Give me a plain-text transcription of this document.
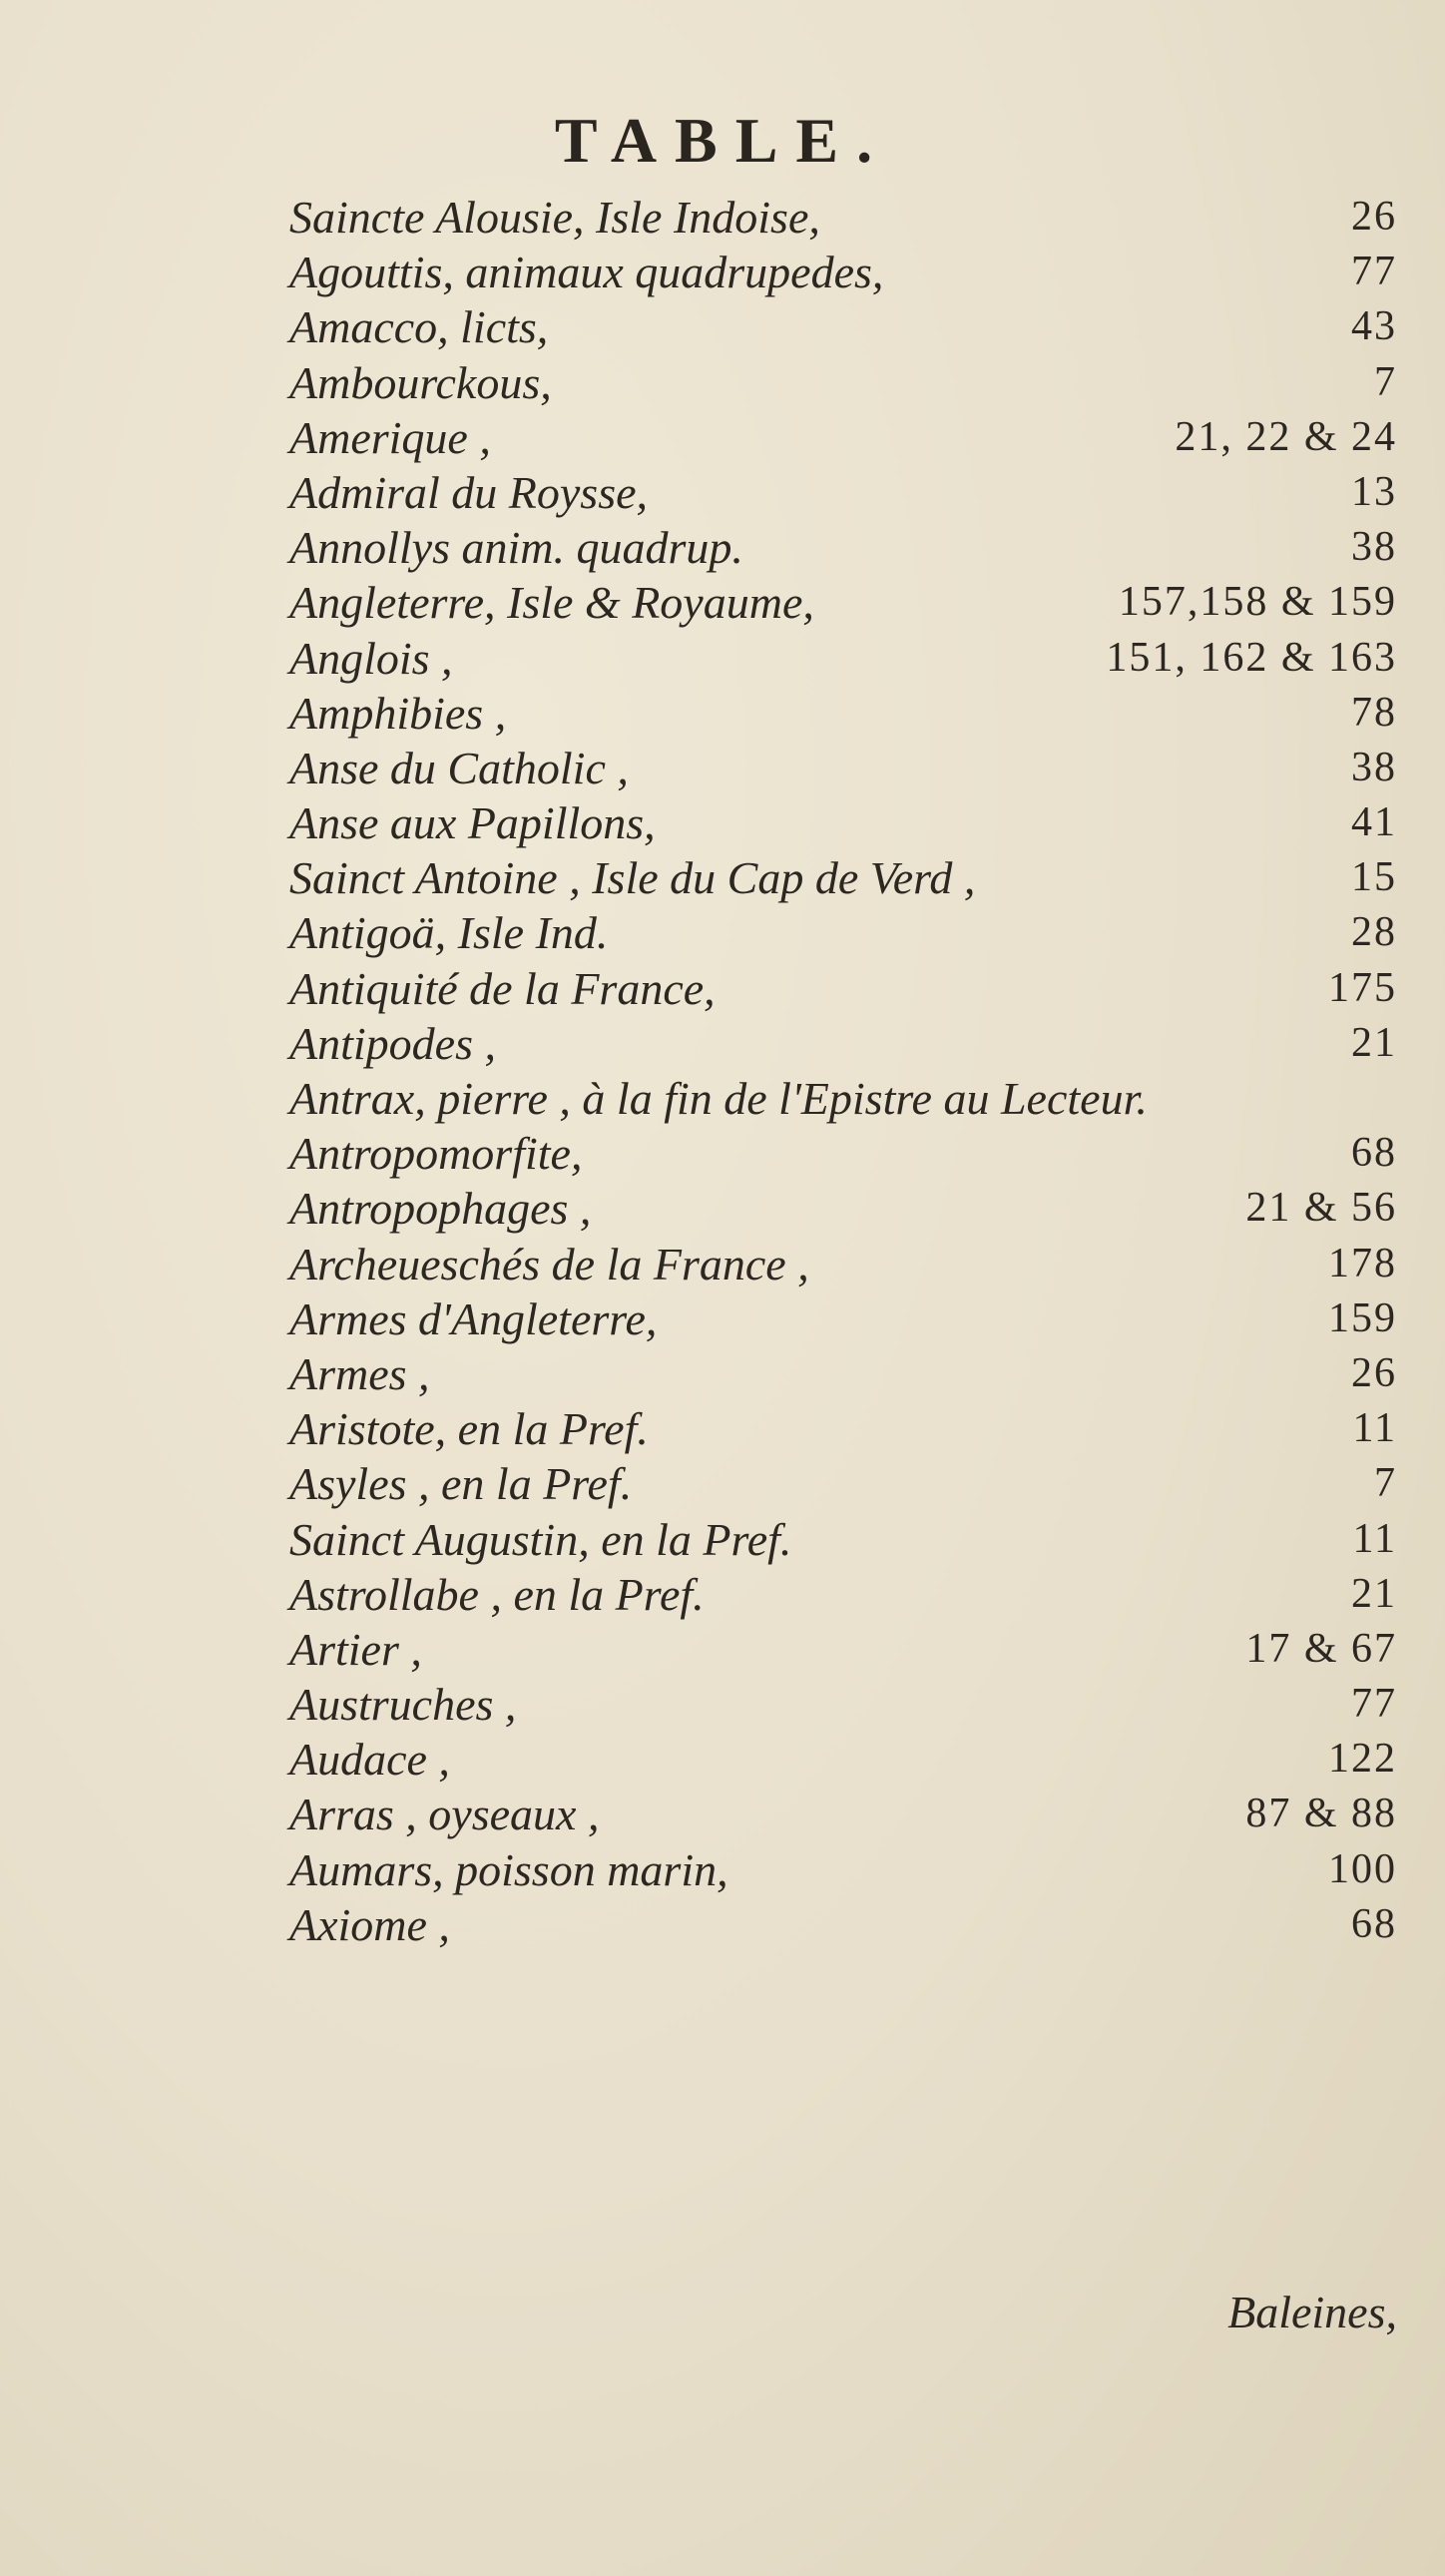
TABLE.
Saincte Alousie, Isle Indoise,	26
Agouttis, animaux quadrupedes,	77
Amacco, licts,	43
Ambourckous,	7
Amerique ,	21, 22 & 24
Admiral du Roysse,	13
Annollys anim. quadrup.	38
Angleterre, Isle & Royaume,	157,158 & 159
Anglois ,	151, 162 & 163
Amphibies ,	78
Anse du Catholic ,	38
Anse aux Papillons,	41
Sainct Antoine , Isle du Cap de Verd ,	15
Antigoä, Isle Ind.	28
Antiquité de la France,	175
Antipodes ,	21
Antrax, pierre , à la fin de l'Epistre au Lecteur.
Antropomorfite,	68
Antropophages ,	21 & 56
Archeueschés de la France ,	178
Armes d'Angleterre,	159
Armes ,	26
Aristote, en la Pref.	11
Asyles , en la Pref.	7
Sainct Augustin, en la Pref.	11
Astrollabe , en la Pref.	21
Artier ,	17 & 67
Austruches ,	77
Audace ,	122
Arras , oyseaux ,	87 & 88
Aumars, poisson marin,	100
Axiome ,	68
Baleines,
